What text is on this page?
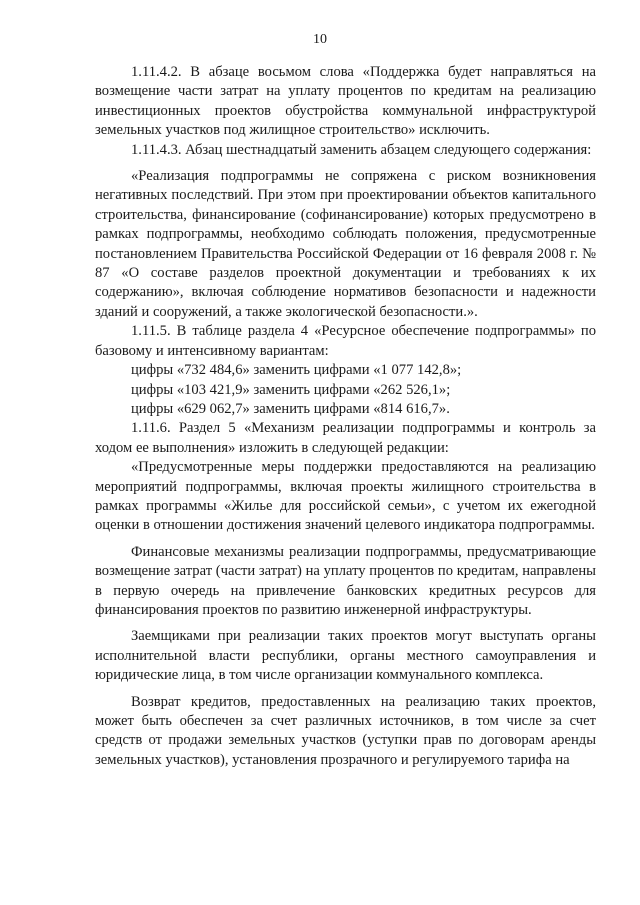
10

1.11.4.2. В абзаце восьмом слова «Поддержка будет направляться на возмещение части затрат на уплату процентов по кредитам на реализацию инвестиционных проектов обустройства коммунальной инфраструктурой земельных участков под жилищное строительство» исключить.

1.11.4.3. Абзац шестнадцатый заменить абзацем следующего содержания:

«Реализация подпрограммы не сопряжена с риском возникновения негативных последствий. При этом при проектировании объектов капитального строительства, финансирование (софинансирование) которых предусмотрено в рамках подпрограммы, необходимо соблюдать положения, предусмотренные постановлением Правительства Российской Федерации от 16 февраля 2008 г. № 87 «О составе разделов проектной документации и требованиях к их содержанию», включая соблюдение нормативов безопасности и надежности зданий и сооружений, а также экологической безопасности.».

1.11.5. В таблице раздела 4 «Ресурсное обеспечение подпрограммы» по базовому и интенсивному вариантам:

цифры «732 484,6» заменить цифрами «1 077 142,8»;

цифры «103 421,9» заменить цифрами «262 526,1»;

цифры «629 062,7» заменить цифрами «814 616,7».

1.11.6. Раздел 5 «Механизм реализации подпрограммы и контроль за ходом ее выполнения» изложить в следующей редакции:

«Предусмотренные меры поддержки предоставляются на реализацию мероприятий подпрограммы, включая проекты жилищного строительства в рамках программы «Жилье для российской семьи», с учетом их ежегодной оценки в отношении достижения значений целевого индикатора подпрограммы.

Финансовые механизмы реализации подпрограммы, предусматривающие возмещение затрат (части затрат) на уплату процентов по кредитам, направлены в первую очередь на привлечение банковских кредитных ресурсов для финансирования проектов по развитию инженерной инфраструктуры.

Заемщиками при реализации таких проектов могут выступать органы исполнительной власти республики, органы местного самоуправления и юридические лица, в том числе организации коммунального комплекса.

Возврат кредитов, предоставленных на реализацию таких проектов, может быть обеспечен за счет различных источников, в том числе за счет средств от продажи земельных участков (уступки прав по договорам аренды земельных участков), установления прозрачного и регулируемого тарифа на
